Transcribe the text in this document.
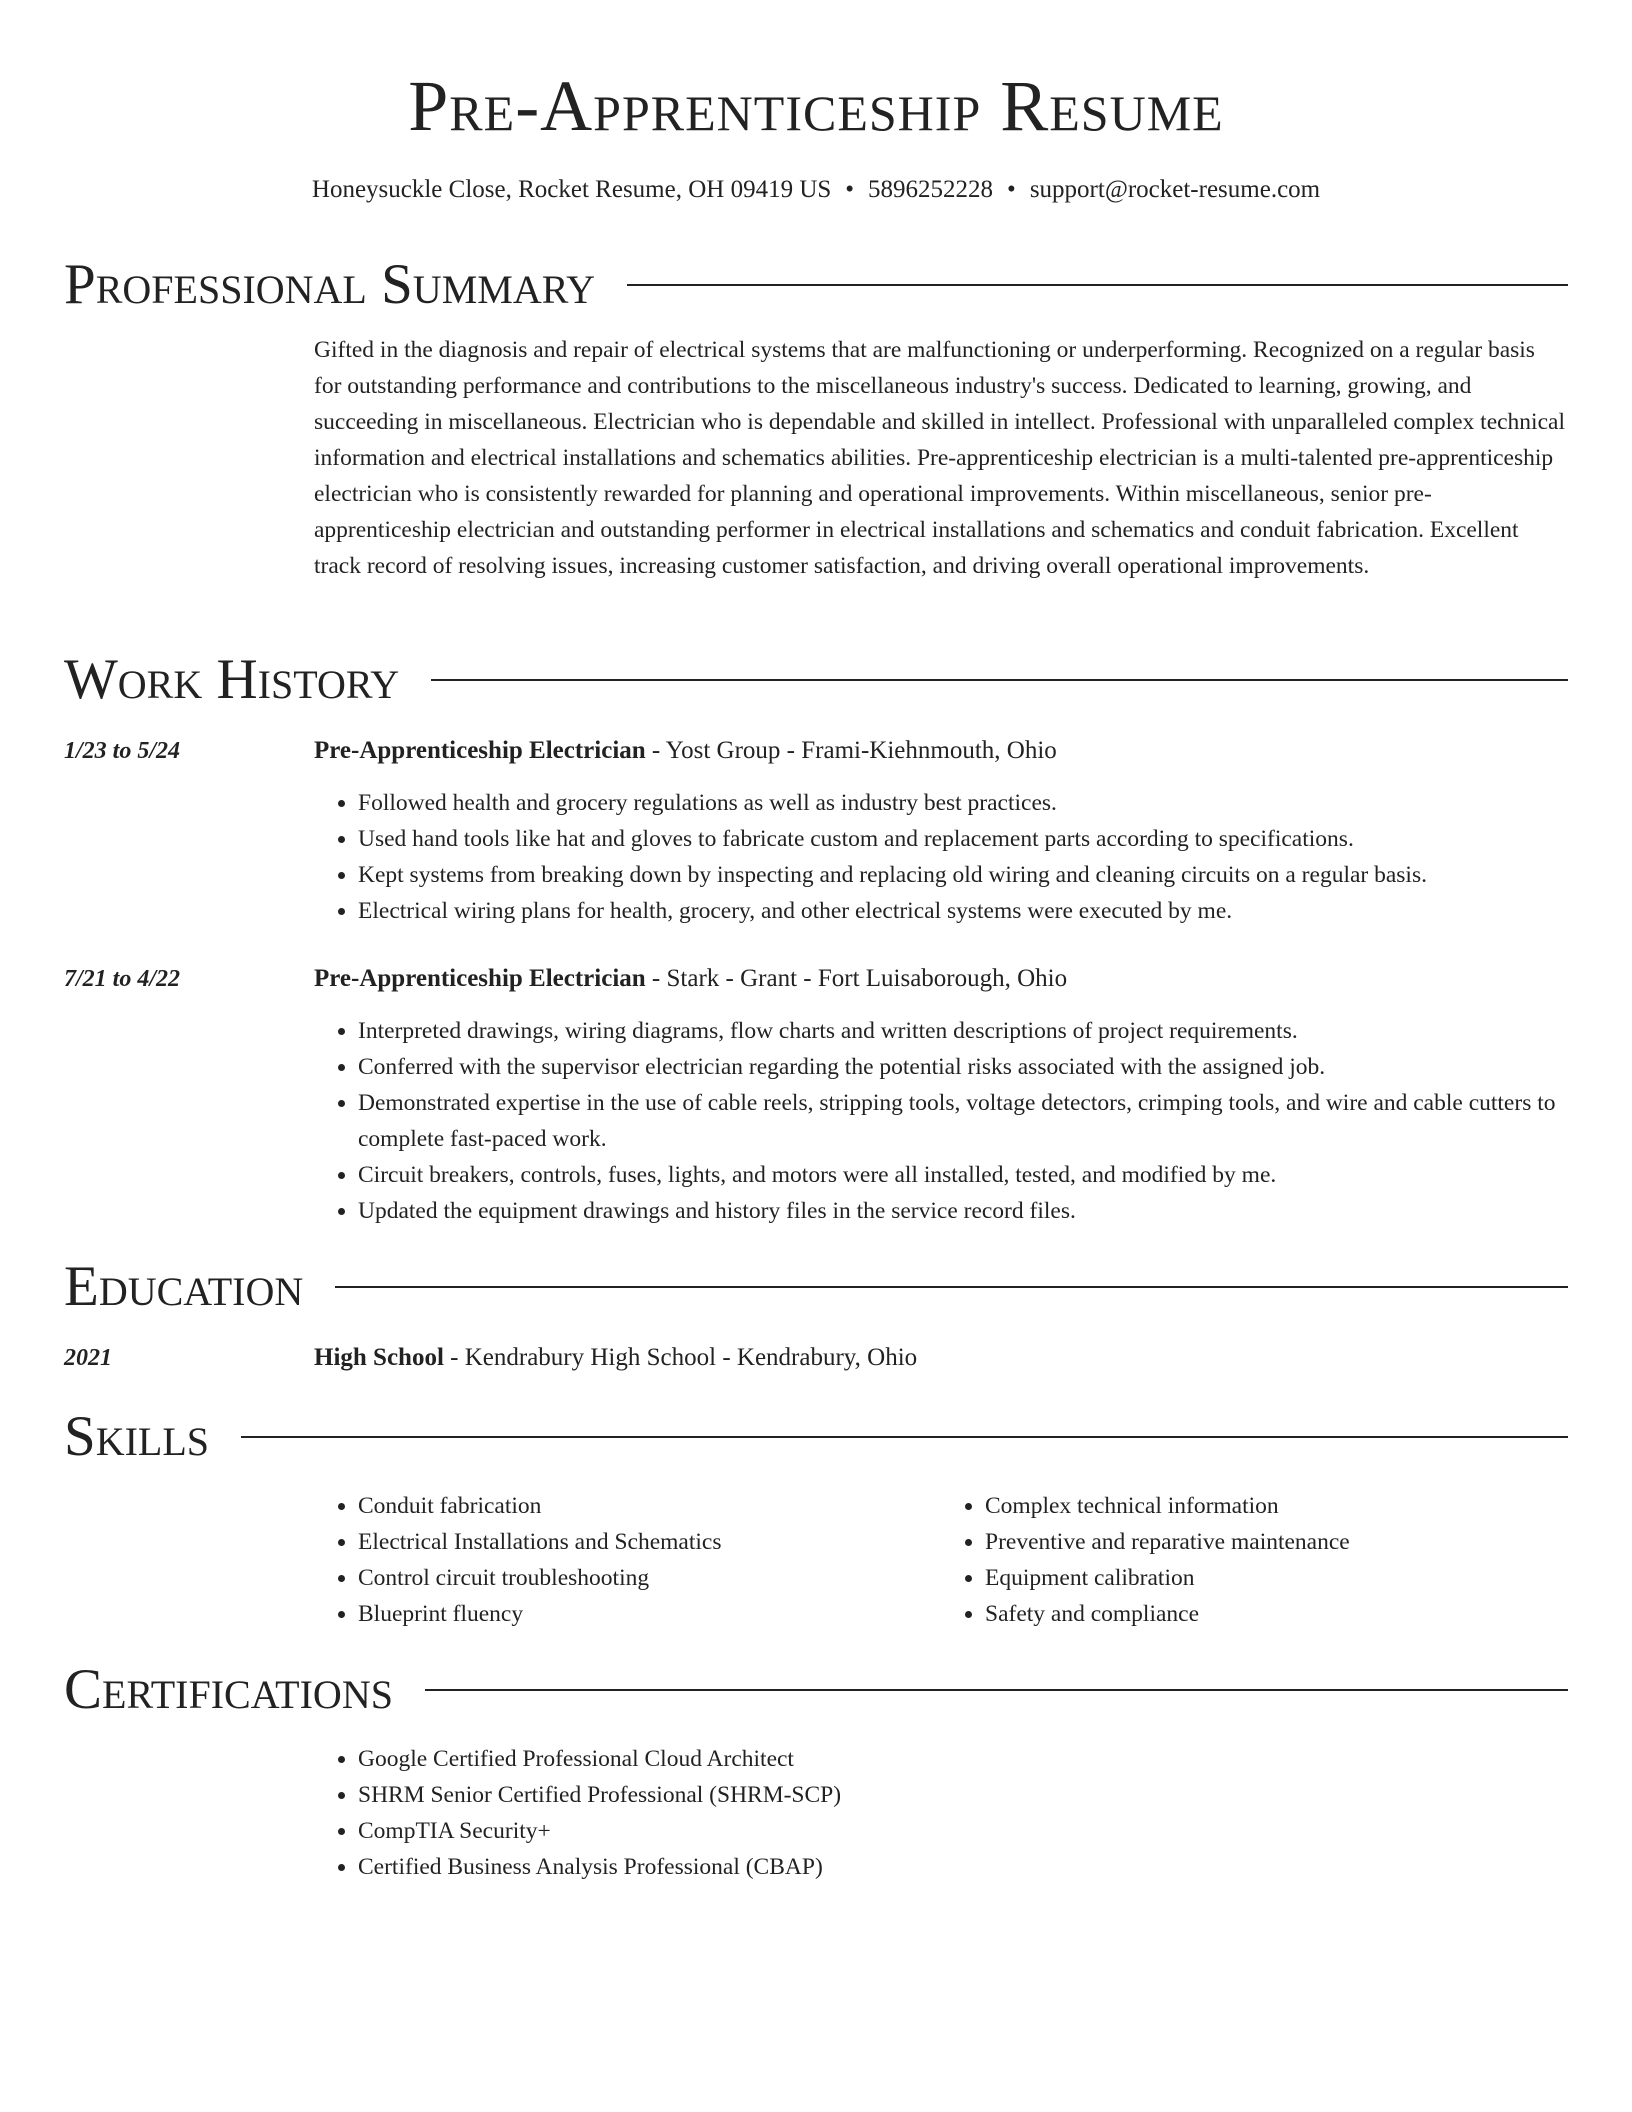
Pre-Apprenticeship Resume
Honeysuckle Close, Rocket Resume, OH 09419 US • 5896252228 • support@rocket-resume.com
Professional Summary

Gifted in the diagnosis and repair of electrical systems that are malfunctioning or underperforming. Recognized on a regular basis for outstanding performance and contributions to the miscellaneous industry's success. Dedicated to learning, growing, and succeeding in miscellaneous. Electrician who is dependable and skilled in intellect. Professional with unparalleled complex technical information and electrical installations and schematics abilities. Pre-apprenticeship electrician is a multi-talented pre-apprenticeship electrician who is consistently rewarded for planning and operational improvements. Within miscellaneous, senior pre-apprenticeship electrician and outstanding performer in electrical installations and schematics and conduit fabrication. Excellent track record of resolving issues, increasing customer satisfaction, and driving overall operational improvements.

Work History
1/23 to 5/24	Pre-Apprenticeship Electrician - Yost Group - Frami-Kiehnmouth, Ohio

• Followed health and grocery regulations as well as industry best practices.
• Used hand tools like hat and gloves to fabricate custom and replacement parts according to specifications.
• Kept systems from breaking down by inspecting and replacing old wiring and cleaning circuits on a regular basis.
• Electrical wiring plans for health, grocery, and other electrical systems were executed by me.
7/21 to 4/22	Pre-Apprenticeship Electrician - Stark - Grant - Fort Luisaborough, Ohio

• Interpreted drawings, wiring diagrams, flow charts and written descriptions of project requirements.
• Conferred with the supervisor electrician regarding the potential risks associated with the assigned job.
• Demonstrated expertise in the use of cable reels, stripping tools, voltage detectors, crimping tools, and wire and cable cutters to complete fast-paced work.
• Circuit breakers, controls, fuses, lights, and motors were all installed, tested, and modified by me.
• Updated the equipment drawings and history files in the service record files.
Education
2021	High School - Kendrabury High School - Kendrabury, Ohio

Skills
• Conduit fabrication
• Electrical Installations and Schematics
• Control circuit troubleshooting
• Blueprint fluency
• Complex technical information
• Preventive and reparative maintenance
• Equipment calibration
• Safety and compliance
Certifications
• Google Certified Professional Cloud Architect
• SHRM Senior Certified Professional (SHRM-SCP)
• CompTIA Security+
• Certified Business Analysis Professional (CBAP)
